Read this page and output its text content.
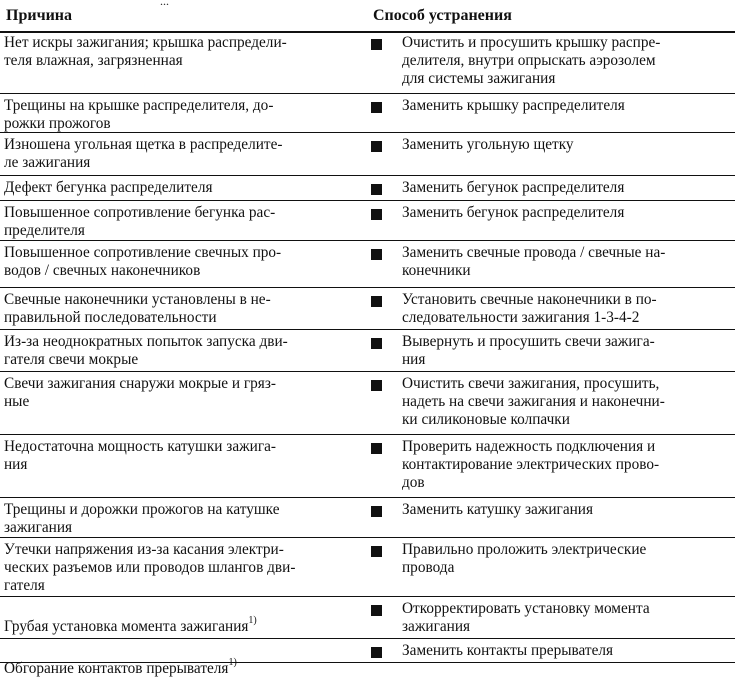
...
Причина	Способ устранения
Нет искры зажигания; крышка распредели-
теля влажная, загрязненная
Очистить и просушить крышку распре-
делителя, внутри опрыскать аэрозолем
для системы зажигания
Трещины на крышке распределителя, до-
рожки прожогов
Заменить крышку распределителя
Изношена угольная щетка в распределите-
ле зажигания
Заменить угольную щетку
Дефект бегунка распределителя	Заменить бегунок распределителя
Повышенное сопротивление бегунка рас-
пределителя
Заменить бегунок распределителя
Повышенное сопротивление свечных про-
водов / свечных наконечников
Заменить свечные провода / свечные на-
конечники
Свечные наконечники установлены в не-
правильной последовательности
Установить свечные наконечники в по-
следовательности зажигания 1-3-4-2
Из-за неоднократных попыток запуска дви-
гателя свечи мокрые
Вывернуть и просушить свечи зажига-
ния
Свечи зажигания снаружи мокрые и гряз-
ные
Очистить свечи зажигания, просушить,
надеть на свечи зажигания и наконечни-
ки силиконовые колпачки
Недостаточна мощность катушки зажига-
ния
Проверить надежность подключения и
контактирование электрических прово-
дов
Трещины и дорожки прожогов на катушке
зажигания
Заменить катушку зажигания
Утечки напряжения из-за касания электри-
ческих разъемов или проводов шлангов дви-
гателя
Правильно проложить электрические
провода

Грубая установка момента зажигания$^{1)}$

Откорректировать установку момента
зажигания

Обгорание контактов прерывателя$^{1)}$

Заменить контакты прерывателя
